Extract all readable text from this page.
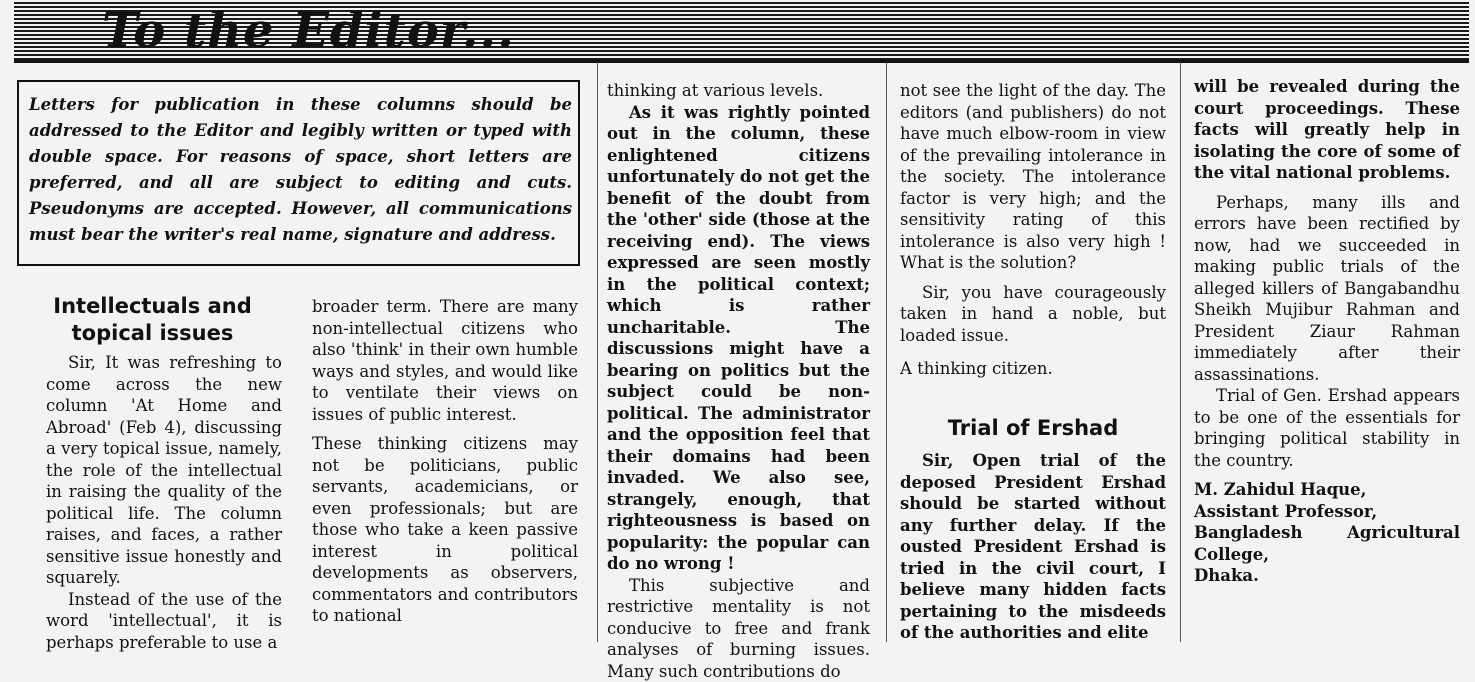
To the Editor...
Letters for publication in these columns should be addressed to the Editor and legibly written or typed with double space. For reasons of space, short letters are preferred, and all are subject to editing and cuts. Pseudonyms are accepted. However, all communications must bear the writer's real name, signature and address.
Intellectuals and topical issues

Sir, It was refreshing to come across the new column 'At Home and Abroad' (Feb 4), discussing a very topical issue, namely, the role of the intellectual in raising the quality of the political life. The column raises, and faces, a rather sensitive issue honestly and squarely.

Instead of the use of the word 'intellectual', it is perhaps preferable to use a

broader term. There are many non-intellectual citizens who also 'think' in their own humble ways and styles, and would like to ventilate their views on issues of public interest.

These thinking citizens may not be politicians, public servants, academicians, or even professionals; but are those who take a keen passive interest in political developments as observers, commentators and contributors to national

thinking at various levels.

As it was rightly pointed out in the column, these enlightened citizens unfortunately do not get the benefit of the doubt from the 'other' side (those at the receiving end). The views expressed are seen mostly in the political context; which is rather uncharitable. The discussions might have a bearing on politics but the subject could be non-political. The administrator and the opposition feel that their domains had been invaded. We also see, strangely, enough, that righteousness is based on popularity: the popular can do no wrong !

This subjective and restrictive mentality is not conducive to free and frank analyses of burning issues. Many such contributions do

not see the light of the day. The editors (and publishers) do not have much elbow-room in view of the prevailing intolerance in the society. The intolerance factor is very high; and the sensitivity rating of this intolerance is also very high ! What is the solution?

Sir, you have courageously taken in hand a noble, but loaded issue.

A thinking citizen.

Trial of Ershad

Sir, Open trial of the deposed President Ershad should be started without any further delay. If the ousted President Ershad is tried in the civil court, I believe many hidden facts pertaining to the misdeeds of the authorities and elite

will be revealed during the court proceedings. These facts will greatly help in isolating the core of some of the vital national problems.

Perhaps, many ills and errors have been rectified by now, had we succeeded in making public trials of the alleged killers of Bangabandhu Sheikh Mujibur Rahman and President Ziaur Rahman immediately after their assassinations.

Trial of Gen. Ershad appears to be one of the essentials for bringing political stability in the country.

M. Zahidul Haque,

Assistant Professor,

Bangladesh Agricultural College,

Dhaka.
